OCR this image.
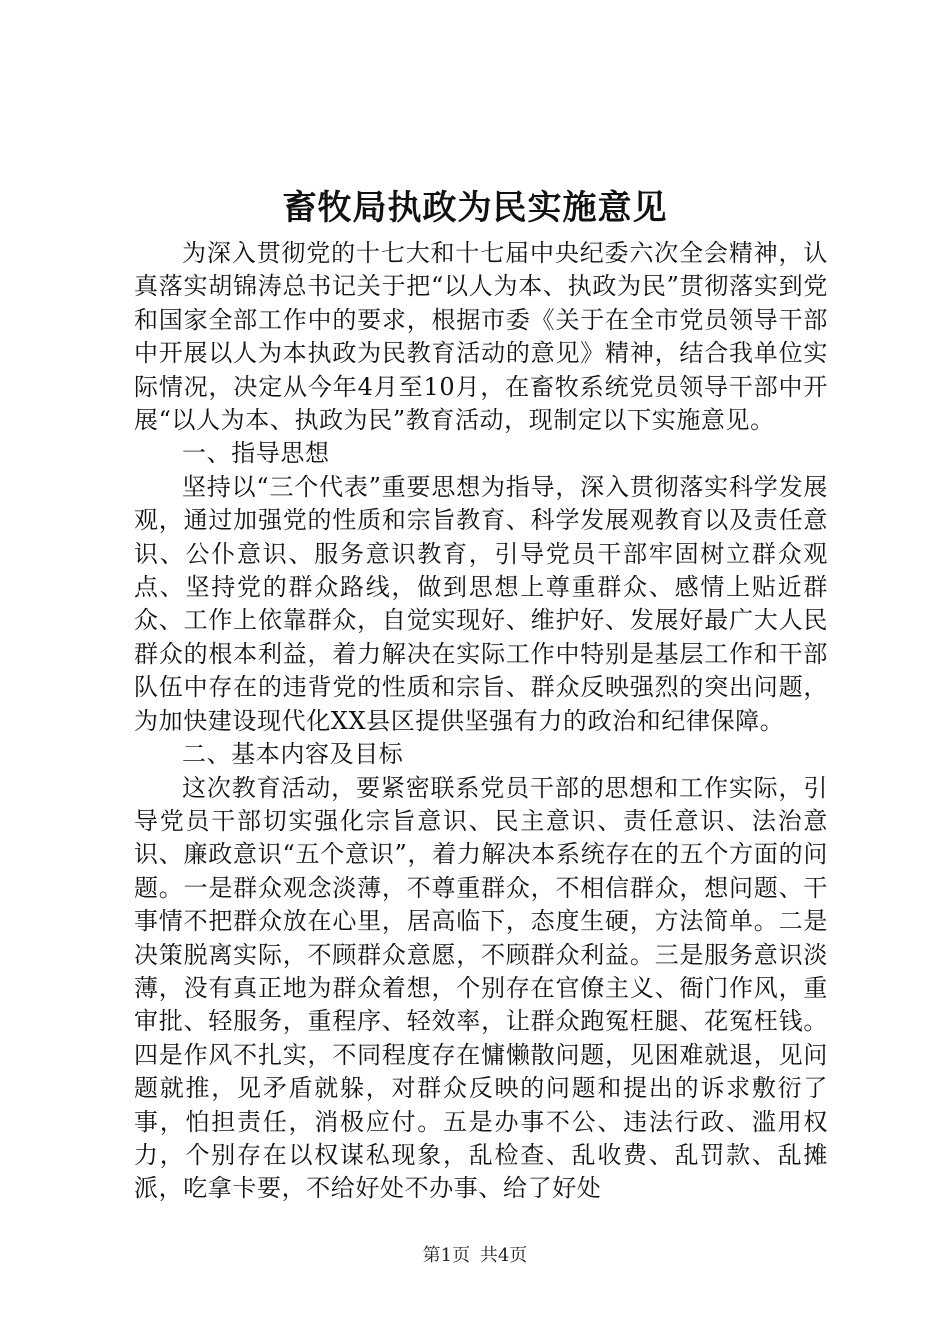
畜牧局执政为民实施意见

为深入贯彻党的十七大和十七届中央纪委六次全会精神，认真落实胡锦涛总书记关于把“以人为本、执政为民”贯彻落实到党和国家全部工作中的要求，根据市委《关于在全市党员领导干部中开展以人为本执政为民教育活动的意见》精神，结合我单位实际情况，决定从今年4月至10月，在畜牧系统党员领导干部中开展“以人为本、执政为民”教育活动，现制定以下实施意见。

一、指导思想

坚持以“三个代表”重要思想为指导，深入贯彻落实科学发展观，通过加强党的性质和宗旨教育、科学发展观教育以及责任意识、公仆意识、服务意识教育，引导党员干部牢固树立群众观点、坚持党的群众路线，做到思想上尊重群众、感情上贴近群众、工作上依靠群众，自觉实现好、维护好、发展好最广大人民群众的根本利益，着力解决在实际工作中特别是基层工作和干部队伍中存在的违背党的性质和宗旨、群众反映强烈的突出问题，为加快建设现代化XX县区提供坚强有力的政治和纪律保障。

二、基本内容及目标

这次教育活动，要紧密联系党员干部的思想和工作实际，引导党员干部切实强化宗旨意识、民主意识、责任意识、法治意识、廉政意识“五个意识”，着力解决本系统存在的五个方面的问题。一是群众观念淡薄，不尊重群众，不相信群众，想问题、干事情不把群众放在心里，居高临下，态度生硬，方法简单。二是决策脱离实际，不顾群众意愿，不顾群众利益。三是服务意识淡薄，没有真正地为群众着想，个别存在官僚主义、衙门作风，重审批、轻服务，重程序、轻效率，让群众跑冤枉腿、花冤枉钱。四是作风不扎实，不同程度存在慵懒散问题，见困难就退，见问题就推，见矛盾就躲，对群众反映的问题和提出的诉求敷衍了事，怕担责任，消极应付。五是办事不公、违法行政、滥用权力，个别存在以权谋私现象，乱检查、乱收费、乱罚款、乱摊派，吃拿卡要，不给好处不办事、给了好处

第1页 共4页
